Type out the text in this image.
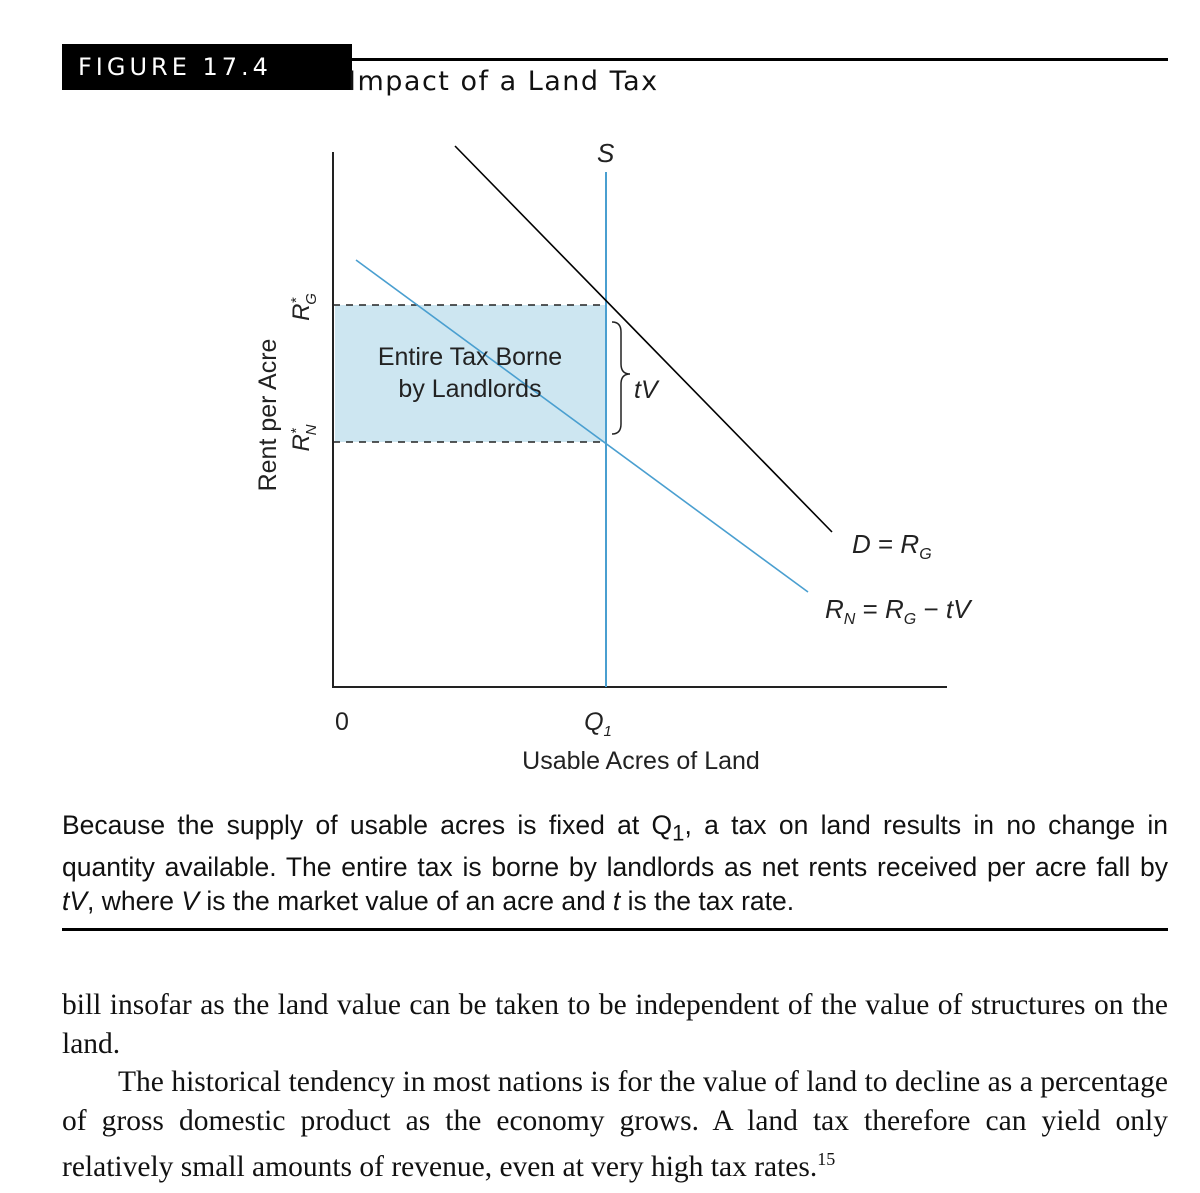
FIGURE 17.4	Impact of a Land Tax
S
$D = R_G$
$R_N = R_G$ − tV
Entire Tax Borne
by Landlords	tV
R*G
R*N
Rent per Acre
0	$Q_1$
Usable Acres of Land
Because the supply of usable acres is fixed at $Q_1$, a tax on land results in no change in quantity available. The entire tax is borne by landlords as net rents received per acre fall by tV, where V is the market value of an acre and t is the tax rate.

bill insofar as the land value can be taken to be independent of the value of structures on the land.

The historical tendency in most nations is for the value of land to decline as a percentage of gross domestic product as the economy grows. A land tax therefore can yield only relatively small amounts of revenue, even at very high tax rates.$^{15}$
